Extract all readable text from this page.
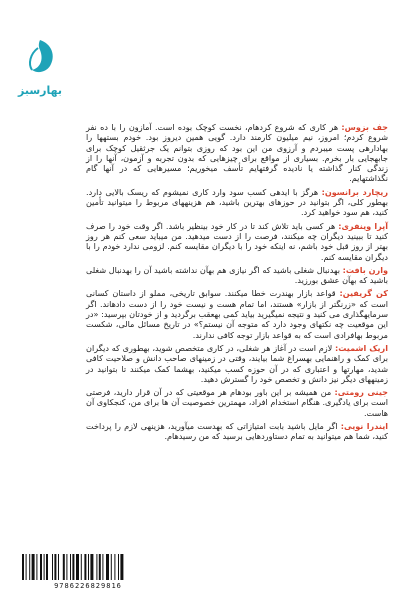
بهارسبز

جف بزوس: هر کاری که شروع کردهام، نخست کوچک بوده است. آمازون را با ده نفر شروع کردم؛ امروز، نیم میلیون کارمند دارد. گویی همین دیروز بود. خودم بستهها را بهادارهی پست میبردم و آرزوی من این بود که روزی بتوانم یک جرثقیل کوچک برای جابهجایی بار بخرم. بسیاری از مواقع برای چیزهایی که بدون تجربه و آزمون، آنها را از زندگی کنار گذاشته یا نادیده گرفتهایم تأسف میخوریم؛ مسیرهایی که در آنها گام نگذاشتهایم.

ریچارد برانسون: هرگز با ایدهی کسب سود وارد کاری نمیشوم که ریسک بالایی دارد. بهطور کلی، اگر بتوانید در حوزهای بهترین باشید، هم هزینههای مربوط را میتوانید تأمین کنید، هم سود خواهید کرد.

آپرا وینفری: هر کسی باید تلاش کند تا در کار خود بینظیر باشد. اگر وقت خود را صرف کنید تا ببینید دیگران چه میکنند، فرصت را از دست میدهید. من میباید سعی کنم هر روز بهتر از روز قبل خود باشم، نه اینکه خود را با دیگران مقایسه کنم. لزومی ندارد خودم را با دیگران مقایسه کنم.

وارن بافت: بهدنبال شغلی باشید که اگر نیازی هم بهآن نداشته باشید آن را بهدنبال شغلی باشید که بهآن عشق بورزید.

کن گریفین: قواعد بازار بهندرت خطا میکنند. سوابق تاریخی، مملو از داستان کسانی است که «زرنگتر از بازار» هستند، اما تمام هست و نیست خود را از دست دادهاند. اگر سرمایهگذاری می کنید و نتیجه نمیگیرید بیاید کمی بهعقب برگردید و از خودتان بپرسید: «در این موقعیت چه نکتهای وجود دارد که متوجه آن نیستم؟» در تاریخ مسائل مالی، شکست مربوط بهافرادی است که به قواعد بازار توجه کافی ندارند.

اریک اشمیت: لازم است در آغاز هر شغلی، در کاری متخصص شوید، بهطوری که دیگران برای کمک و راهنمایی بهسراغ شما بیایند، وقتی در زمینهای صاحب دانش و صلاحیت کافی شدید، مهارتها و اعتباری که در آن حوزه کسب میکنید، بهشما کمک میکنند تا بتوانید در زمینههای دیگر نیز دانش و تخصص خود را گسترش دهید.

جینی رومتی: من همیشه بر این باور بودهام هر موقعیتی که در آن قرار دارید، فرصتی است برای یادگیری. هنگام استخدام افراد، مهمترین خصوصیت آن ها برای من، کنجکاوی آن هاست.

ایندرا نویی: اگر مایل باشید بابت امتیازاتی که بهدست میآورید، هزینهی لازم را پرداخت کنید، شما هم میتوانید به تمام دستاوردهایی برسید که من رسیدهام.

9786226829816
